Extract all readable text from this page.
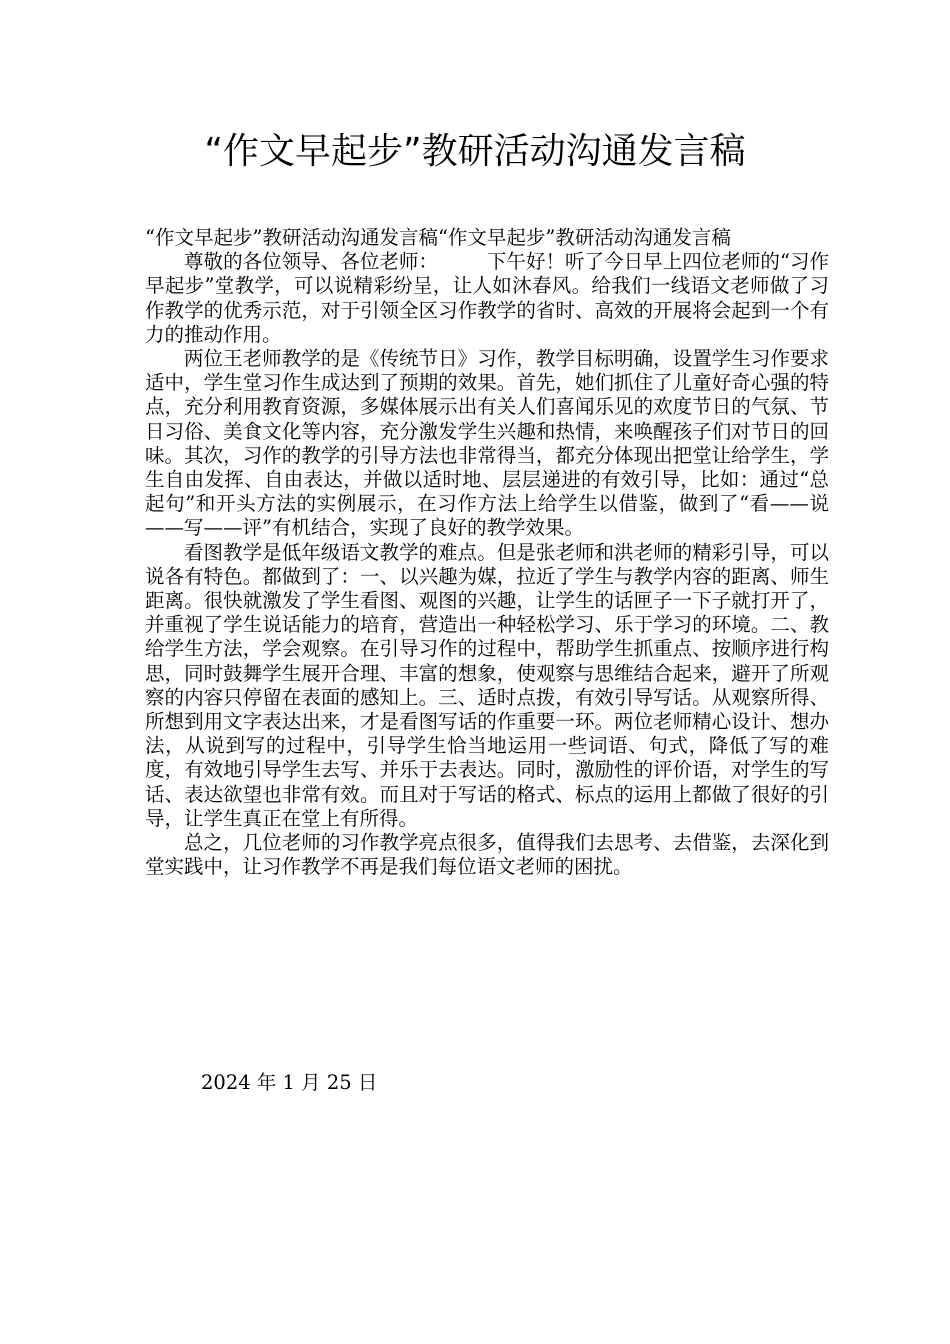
“作文早起步”教研活动沟通发言稿

“作文早起步”教研活动沟通发言稿“作文早起步”教研活动沟通发言稿

尊敬的各位领导、各位老师：　　　下午好！听了今日早上四位老师的“习作早起步”堂教学，可以说精彩纷呈，让人如沐春风。给我们一线语文老师做了习作教学的优秀示范，对于引领全区习作教学的省时、高效的开展将会起到一个有力的推动作用。

两位王老师教学的是《传统节日》习作，教学目标明确，设置学生习作要求适中，学生堂习作生成达到了预期的效果。首先，她们抓住了儿童好奇心强的特点，充分利用教育资源，多媒体展示出有关人们喜闻乐见的欢度节日的气氛、节日习俗、美食文化等内容，充分激发学生兴趣和热情，来唤醒孩子们对节日的回味。其次，习作的教学的引导方法也非常得当，都充分体现出把堂让给学生，学生自由发挥、自由表达，并做以适时地、层层递进的有效引导，比如：通过“总起句”和开头方法的实例展示，在习作方法上给学生以借鉴，做到了“看——说——写——评”有机结合，实现了良好的教学效果。

看图教学是低年级语文教学的难点。但是张老师和洪老师的精彩引导，可以说各有特色。都做到了：一、以兴趣为媒，拉近了学生与教学内容的距离、师生距离。很快就激发了学生看图、观图的兴趣，让学生的话匣子一下子就打开了，并重视了学生说话能力的培育，营造出一种轻松学习、乐于学习的环境。二、教给学生方法，学会观察。在引导习作的过程中，帮助学生抓重点、按顺序进行构思，同时鼓舞学生展开合理、丰富的想象，使观察与思维结合起来，避开了所观察的内容只停留在表面的感知上。三、适时点拨，有效引导写话。从观察所得、所想到用文字表达出来，才是看图写话的作重要一环。两位老师精心设计、想办法，从说到写的过程中，引导学生恰当地运用一些词语、句式，降低了写的难度，有效地引导学生去写、并乐于去表达。同时，激励性的评价语，对学生的写话、表达欲望也非常有效。而且对于写话的格式、标点的运用上都做了很好的引导，让学生真正在堂上有所得。

总之，几位老师的习作教学亮点很多，值得我们去思考、去借鉴，去深化到堂实践中，让习作教学不再是我们每位语文老师的困扰。

2024 年 1 月 25 日
